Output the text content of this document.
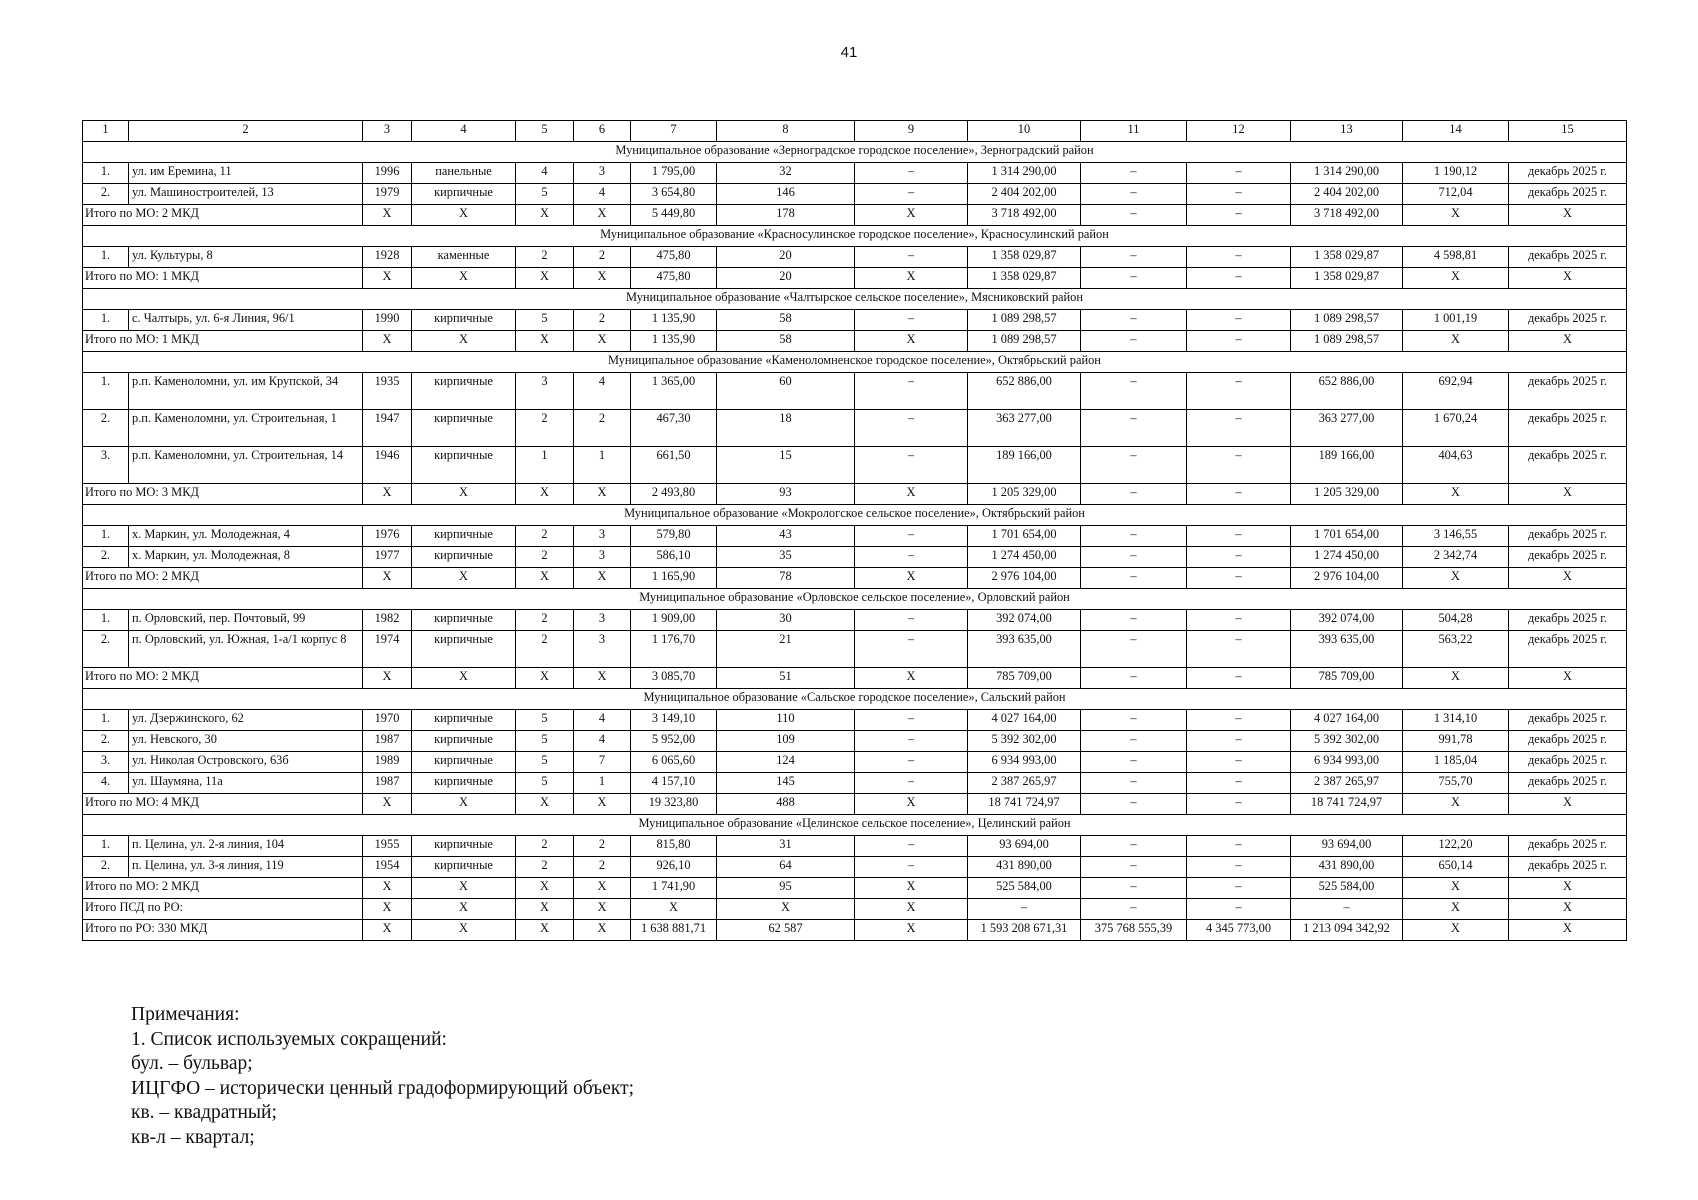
41
1	2	3	4	5	6	7	8	9	10	11	12	13	14	15
Муниципальное образование «Зерноградское городское поселение», Зерноградский район														
1.	ул. им Еремина, 11	1996	панельные	4	3	1 795,00	32	–	1 314 290,00	–	–	1 314 290,00	1 190,12	декабрь 2025 г.
2.	ул. Машиностроителей, 13	1979	кирпичные	5	4	3 654,80	146	–	2 404 202,00	–	–	2 404 202,00	712,04	декабрь 2025 г.
Итого по МО: 2 МКД		X	X	X	X	5 449,80	178	X	3 718 492,00	–	–	3 718 492,00	X	X
Муниципальное образование «Красносулинское городское поселение», Красносулинский район														
1.	ул. Культуры, 8	1928	каменные	2	2	475,80	20	–	1 358 029,87	–	–	1 358 029,87	4 598,81	декабрь 2025 г.
Итого по МО: 1 МКД		X	X	X	X	475,80	20	X	1 358 029,87	–	–	1 358 029,87	X	X
Муниципальное образование «Чалтырское сельское поселение», Мясниковский район														
1.	с. Чалтырь, ул. 6-я Линия, 96/1	1990	кирпичные	5	2	1 135,90	58	–	1 089 298,57	–	–	1 089 298,57	1 001,19	декабрь 2025 г.
Итого по МО: 1 МКД		X	X	X	X	1 135,90	58	X	1 089 298,57	–	–	1 089 298,57	X	X
Муниципальное образование «Каменоломненское городское поселение», Октябрьский район														
1.	р.п. Каменоломни, ул. им Крупской, 34	1935	кирпичные	3	4	1 365,00	60	–	652 886,00	–	–	652 886,00	692,94	декабрь 2025 г.
2.	р.п. Каменоломни, ул. Строительная, 1	1947	кирпичные	2	2	467,30	18	–	363 277,00	–	–	363 277,00	1 670,24	декабрь 2025 г.
3.	р.п. Каменоломни, ул. Строительная, 14	1946	кирпичные	1	1	661,50	15	–	189 166,00	–	–	189 166,00	404,63	декабрь 2025 г.
Итого по МО: 3 МКД		X	X	X	X	2 493,80	93	X	1 205 329,00	–	–	1 205 329,00	X	X
Муниципальное образование «Мокрологское сельское поселение», Октябрьский район														
1.	х. Маркин, ул. Молодежная, 4	1976	кирпичные	2	3	579,80	43	–	1 701 654,00	–	–	1 701 654,00	3 146,55	декабрь 2025 г.
2.	х. Маркин, ул. Молодежная, 8	1977	кирпичные	2	3	586,10	35	–	1 274 450,00	–	–	1 274 450,00	2 342,74	декабрь 2025 г.
Итого по МО: 2 МКД		X	X	X	X	1 165,90	78	X	2 976 104,00	–	–	2 976 104,00	X	X
Муниципальное образование «Орловское сельское поселение», Орловский район														
1.	п. Орловский, пер. Почтовый, 99	1982	кирпичные	2	3	1 909,00	30	–	392 074,00	–	–	392 074,00	504,28	декабрь 2025 г.
2.	п. Орловский, ул. Южная, 1-а/1 корпус 8	1974	кирпичные	2	3	1 176,70	21	–	393 635,00	–	–	393 635,00	563,22	декабрь 2025 г.
Итого по МО: 2 МКД		X	X	X	X	3 085,70	51	X	785 709,00	–	–	785 709,00	X	X
Муниципальное образование «Сальское городское поселение», Сальский район														
1.	ул. Дзержинского, 62	1970	кирпичные	5	4	3 149,10	110	–	4 027 164,00	–	–	4 027 164,00	1 314,10	декабрь 2025 г.
2.	ул. Невского, 30	1987	кирпичные	5	4	5 952,00	109	–	5 392 302,00	–	–	5 392 302,00	991,78	декабрь 2025 г.
3.	ул. Николая Островского, 63б	1989	кирпичные	5	7	6 065,60	124	–	6 934 993,00	–	–	6 934 993,00	1 185,04	декабрь 2025 г.
4.	ул. Шаумяна, 11а	1987	кирпичные	5	1	4 157,10	145	–	2 387 265,97	–	–	2 387 265,97	755,70	декабрь 2025 г.
Итого по МО: 4 МКД		X	X	X	X	19 323,80	488	X	18 741 724,97	–	–	18 741 724,97	X	X
Муниципальное образование «Целинское сельское поселение», Целинский район														
1.	п. Целина, ул. 2-я линия, 104	1955	кирпичные	2	2	815,80	31	–	93 694,00	–	–	93 694,00	122,20	декабрь 2025 г.
2.	п. Целина, ул. 3-я линия, 119	1954	кирпичные	2	2	926,10	64	–	431 890,00	–	–	431 890,00	650,14	декабрь 2025 г.
Итого по МО: 2 МКД		X	X	X	X	1 741,90	95	X	525 584,00	–	–	525 584,00	X	X
Итого ПСД по РО:		X	X	X	X	X	X	X	–	–	–	–	X	X
Итого по РО: 330 МКД		X	X	X	X	1 638 881,71	62 587	X	1 593 208 671,31	375 768 555,39	4 345 773,00	1 213 094 342,92	X	X
Примечания:
1. Список используемых сокращений:
бул. – бульвар;
ИЦГФО – исторически ценный градоформирующий объект;
кв. – квадратный;
кв-л – квартал;
